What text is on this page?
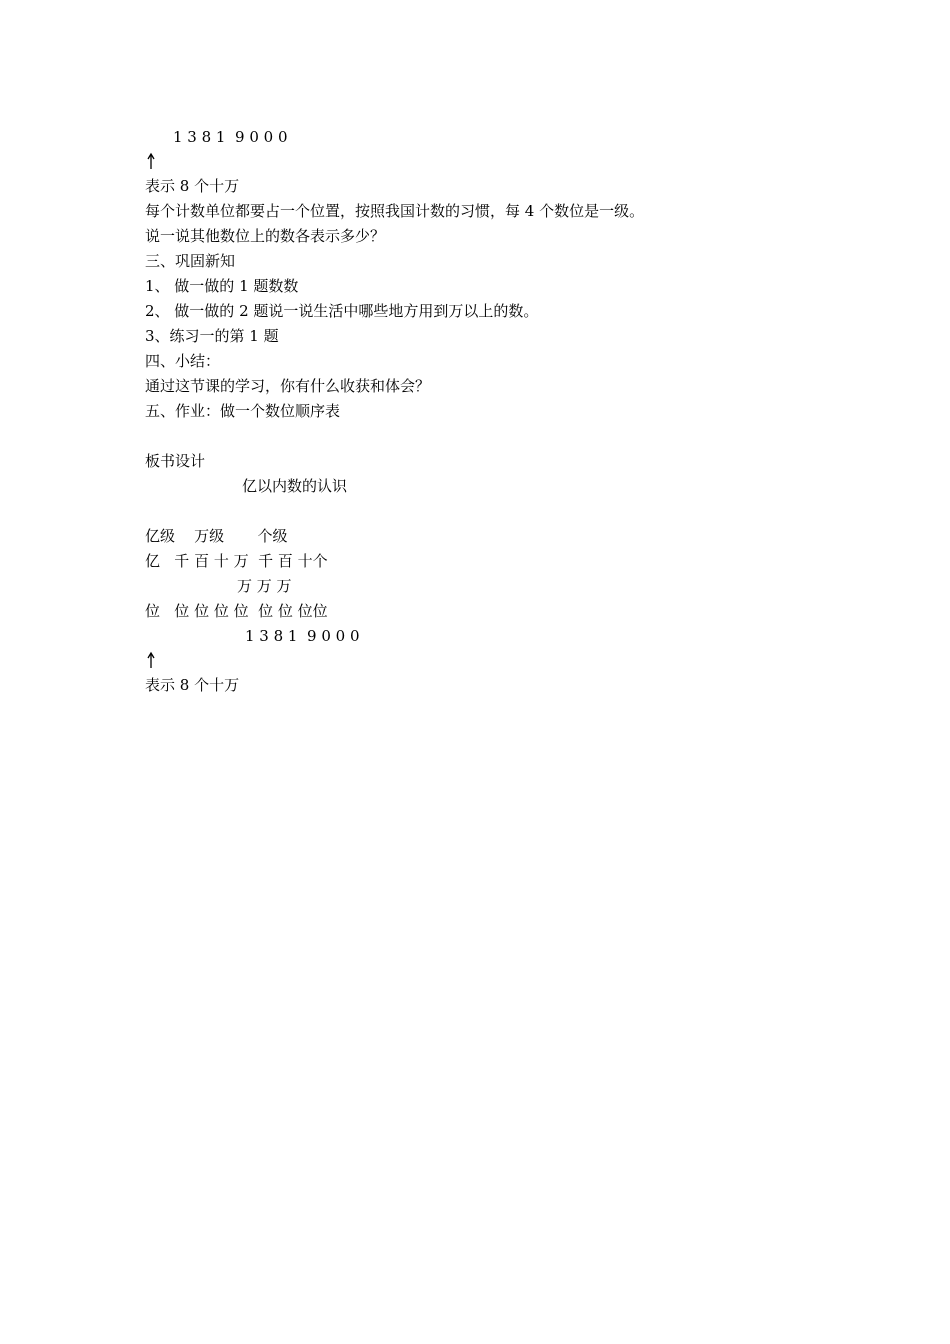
1 3 8 1  9 0 0 0
表示 8 个十万
每个计数单位都要占一个位置，按照我国计数的习惯，每 4 个数位是一级。
说一说其他数位上的数各表示多少？
三、巩固新知
1、 做一做的 1 题数数
2、 做一做的 2 题说一说生活中哪些地方用到万以上的数。
3、练习一的第 1 题
四、小结：
通过这节课的学习，你有什么收获和体会？
五、作业：做一个数位顺序表
板书设计
亿以内数的认识
亿级    万级       个级
亿   千 百 十 万  千 百 十个
万 万 万
位   位 位 位 位  位 位 位位
1 3 8 1  9 0 0 0
表示 8 个十万
